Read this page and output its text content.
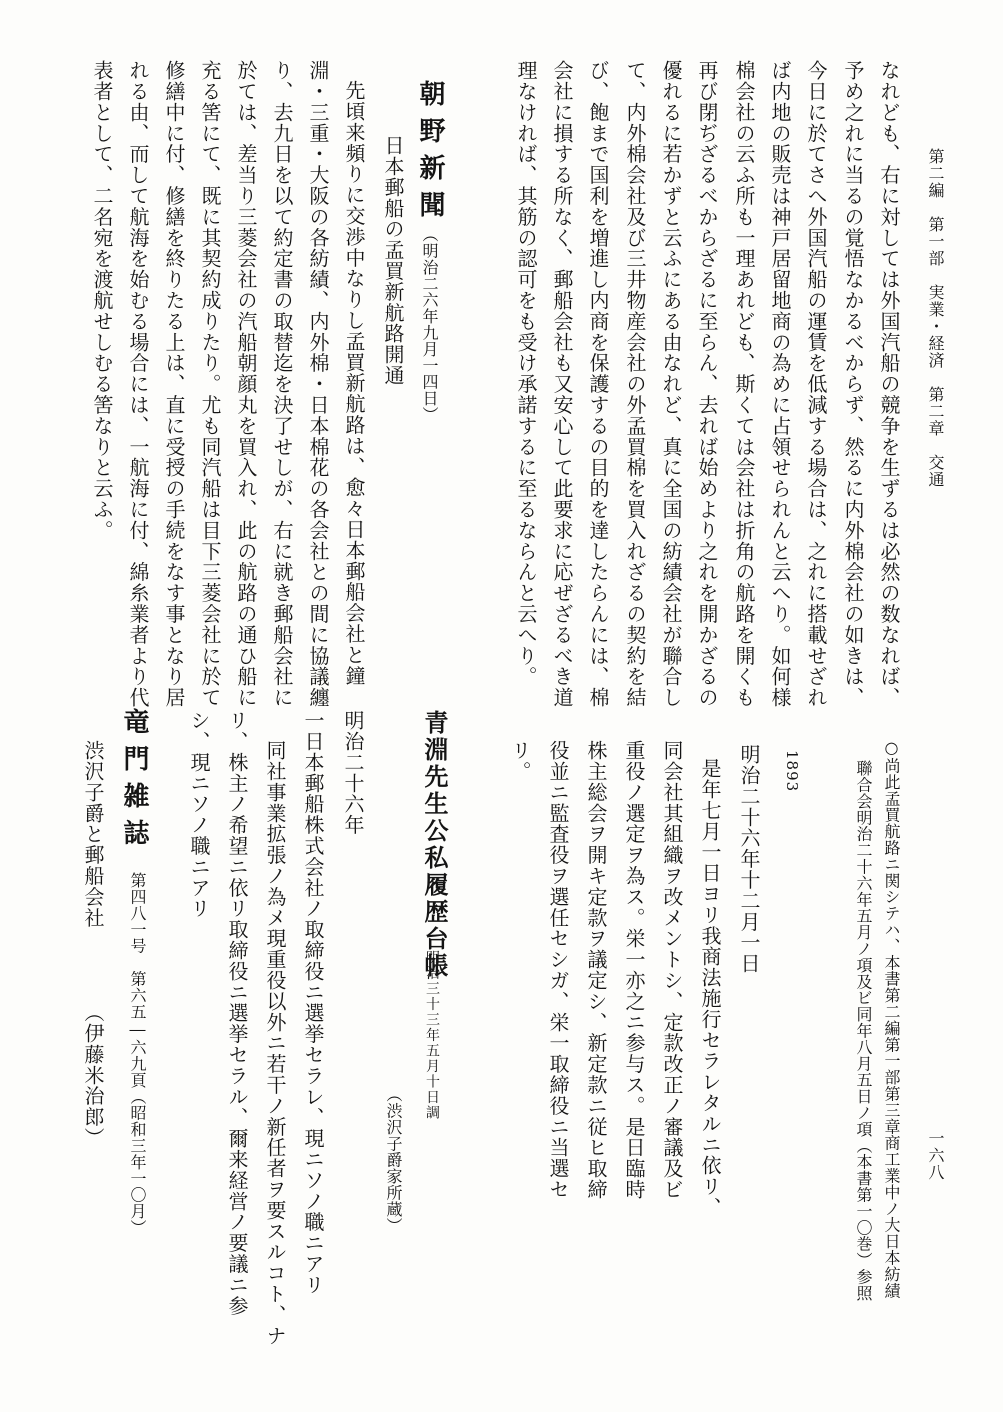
第二編　第一部　実業・経済　第二章　交通
一六八
なれども、右に対しては外国汽船の競争を生ずるは必然の数なれば、
予め之れに当るの覚悟なかるべからず、然るに内外棉会社の如きは、
今日に於てさへ外国汽船の運賃を低減する場合は、之れに搭載せざれ
ば内地の販売は神戸居留地商の為めに占領せられんと云へり。如何様
棉会社の云ふ所も一理あれども、斯くては会社は折角の航路を開くも
再び閉ぢざるべからざるに至らん、去れば始めより之れを開かざるの
優れるに若かずと云ふにある由なれど、真に全国の紡績会社が聯合し
て、内外棉会社及び三井物産会社の外孟買棉を買入れざるの契約を結
び、飽まで国利を増進し内商を保護するの目的を達したらんには、棉
会社に損する所なく、郵船会社も又安心して此要求に応ぜざるべき道
理なければ、其筋の認可をも受け承諾するに至るならんと云へり。
朝野新聞
（明治二六年九月一四日）
日本郵船の孟買新航路開通
先頃来頻りに交渉中なりし孟買新航路は、愈々日本郵船会社と鐘
淵・三重・大阪の各紡績、内外棉・日本棉花の各会社との間に協議纏
り、去九日を以て約定書の取替迄を決了せしが、右に就き郵船会社に
於ては、差当り三菱会社の汽船朝顔丸を買入れ、此の航路の通ひ船に
充る筈にて、既に其契約成りたり。尤も同汽船は目下三菱会社に於て
修繕中に付、修繕を終りたる上は、直に受授の手続をなす事となり居
れる由、而して航海を始むる場合には、一航海に付、綿糸業者より代
表者として、二名宛を渡航せしむる筈なりと云ふ。
○尚此孟買航路ニ関シテハ、本書第二編第一部第三章商工業中ノ大日本紡績
聯合会明治二十六年五月ノ項及ビ同年八月五日ノ項（本書第一〇巻）参照
1893
明治二十六年十二月一日
是年七月一日ヨリ我商法施行セラレタルニ依リ、
同会社其組織ヲ改メントシ、定款改正ノ審議及ビ
重役ノ選定ヲ為ス。栄一亦之ニ参与ス。是日臨時
株主総会ヲ開キ定款ヲ議定シ、新定款ニ従ヒ取締
役並ニ監査役ヲ選任セシガ、栄一取締役ニ当選セ
リ。
青淵先生公私履歴台帳
明治三十三年五月十日調
（渋沢子爵家所蔵）
明治二十六年
一日本郵船株式会社ノ取締役ニ選挙セラレ、現ニソノ職ニアリ
同社事業拡張ノ為メ現重役以外ニ若干ノ新任者ヲ要スルコト、ナ
リ、株主ノ希望ニ依リ取締役ニ選挙セラル、爾来経営ノ要議ニ参
シ、現ニソノ職ニアリ
竜門雑誌
第四八一号　第六五―六九頁（昭和三年一〇月）
渋沢子爵と郵船会社
（伊藤米治郎）
